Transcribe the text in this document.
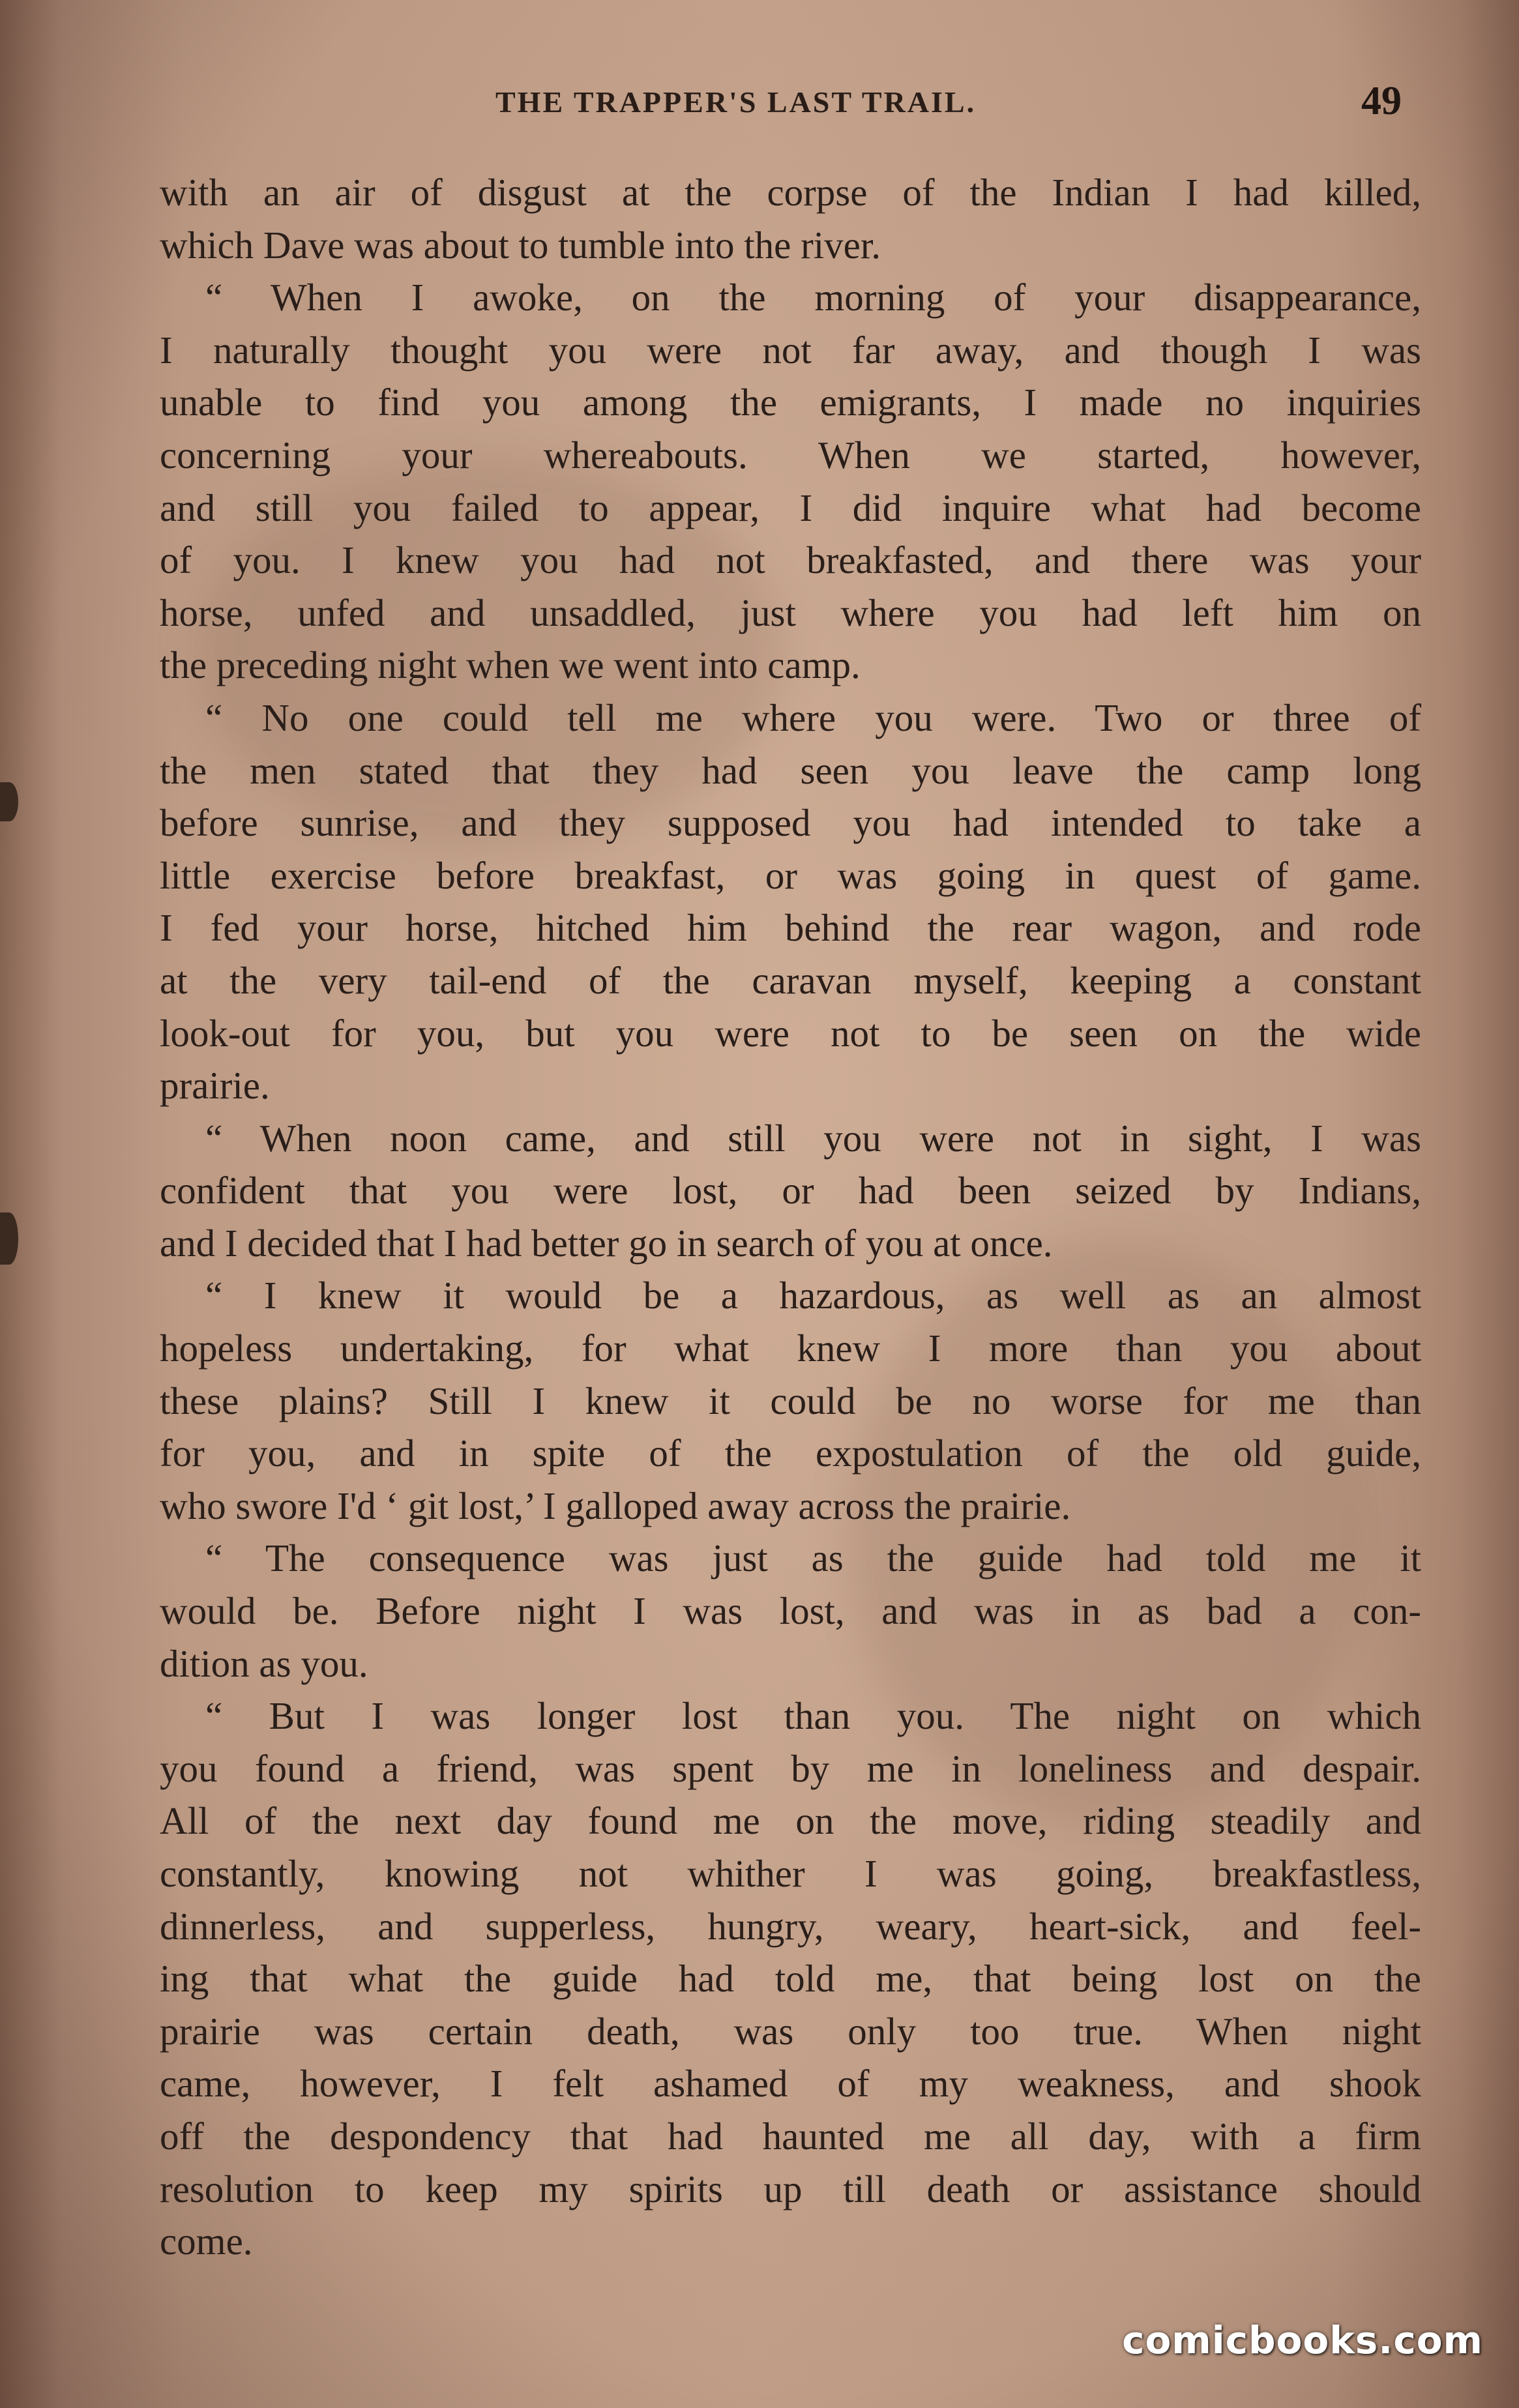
THE TRAPPER'S LAST TRAIL.	49
with an air of disgust at the corpse of the Indian I had killed,
which Dave was about to tumble into the river.
“ When I awoke, on the morning of your disappearance,
I naturally thought you were not far away, and though I was
unable to find you among the emigrants, I made no inquiries
concerning your whereabouts. When we started, however,
and still you failed to appear, I did inquire what had become
of you. I knew you had not breakfasted, and there was your
horse, unfed and unsaddled, just where you had left him on
the preceding night when we went into camp.
“ No one could tell me where you were. Two or three of
the men stated that they had seen you leave the camp long
before sunrise, and they supposed you had intended to take a
little exercise before breakfast, or was going in quest of game.
I fed your horse, hitched him behind the rear wagon, and rode
at the very tail-end of the caravan myself, keeping a constant
look-out for you, but you were not to be seen on the wide
prairie.
“ When noon came, and still you were not in sight, I was
confident that you were lost, or had been seized by Indians,
and I decided that I had better go in search of you at once.
“ I knew it would be a hazardous, as well as an almost
hopeless undertaking, for what knew I more than you about
these plains? Still I knew it could be no worse for me than
for you, and in spite of the expostulation of the old guide,
who swore I'd ‘ git lost,’ I galloped away across the prairie.
“ The consequence was just as the guide had told me it
would be. Before night I was lost, and was in as bad a con-
dition as you.
“ But I was longer lost than you. The night on which
you found a friend, was spent by me in loneliness and despair.
All of the next day found me on the move, riding steadily and
constantly, knowing not whither I was going, breakfastless,
dinnerless, and supperless, hungry, weary, heart-sick, and feel-
ing that what the guide had told me, that being lost on the
prairie was certain death, was only too true. When night
came, however, I felt ashamed of my weakness, and shook
off the despondency that had haunted me all day, with a firm
resolution to keep my spirits up till death or assistance should
come.
comicbooks.com
